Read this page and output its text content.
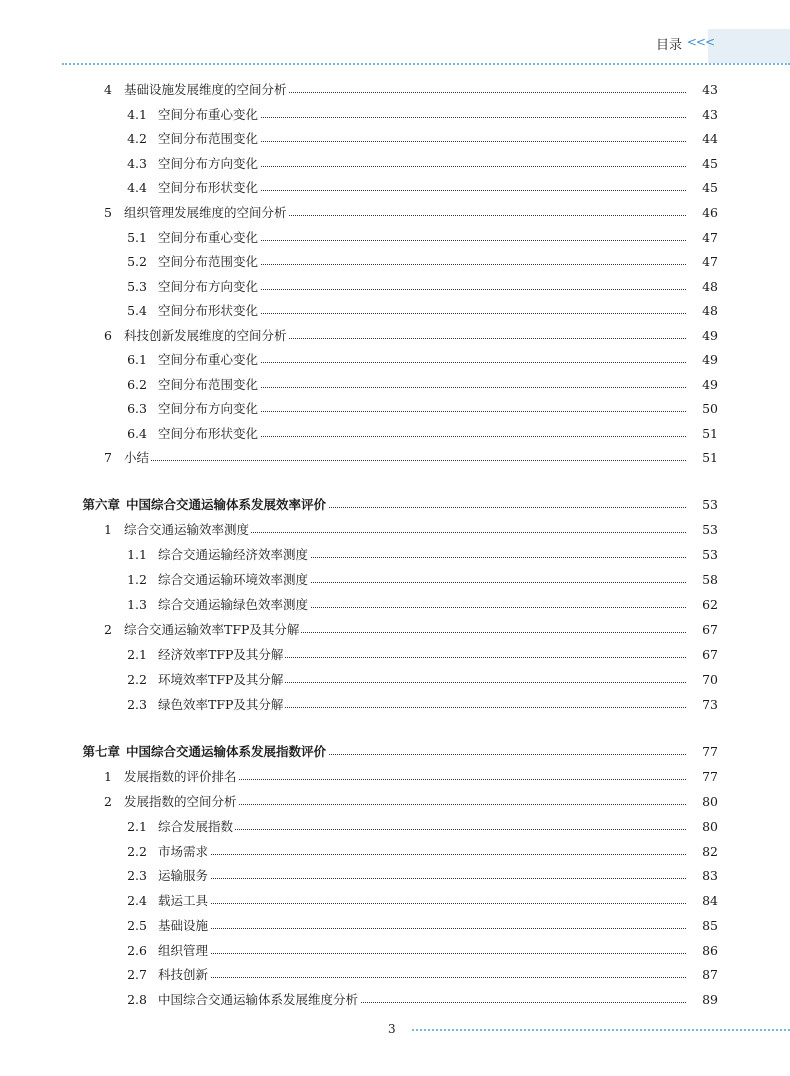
目录 <<<
4 基础设施发展维度的空间分析	43
4.1 空间分布重心变化	43
4.2 空间分布范围变化	44
4.3 空间分布方向变化	45
4.4 空间分布形状变化	45
5 组织管理发展维度的空间分析	46
5.1 空间分布重心变化	47
5.2 空间分布范围变化	47
5.3 空间分布方向变化	48
5.4 空间分布形状变化	48
6 科技创新发展维度的空间分析	49
6.1 空间分布重心变化	49
6.2 空间分布范围变化	49
6.3 空间分布方向变化	50
6.4 空间分布形状变化	51
7 小结	51
第六章 中国综合交通运输体系发展效率评价	53
1 综合交通运输效率测度	53
1.1 综合交通运输经济效率测度	53
1.2 综合交通运输环境效率测度	58
1.3 综合交通运输绿色效率测度	62
2 综合交通运输效率TFP及其分解	67
2.1 经济效率TFP及其分解	67
2.2 环境效率TFP及其分解	70
2.3 绿色效率TFP及其分解	73
第七章 中国综合交通运输体系发展指数评价	77
1 发展指数的评价排名	77
2 发展指数的空间分析	80
2.1 综合发展指数	80
2.2 市场需求	82
2.3 运输服务	83
2.4 载运工具	84
2.5 基础设施	85
2.6 组织管理	86
2.7 科技创新	87
2.8 中国综合交通运输体系发展维度分析	89
3
